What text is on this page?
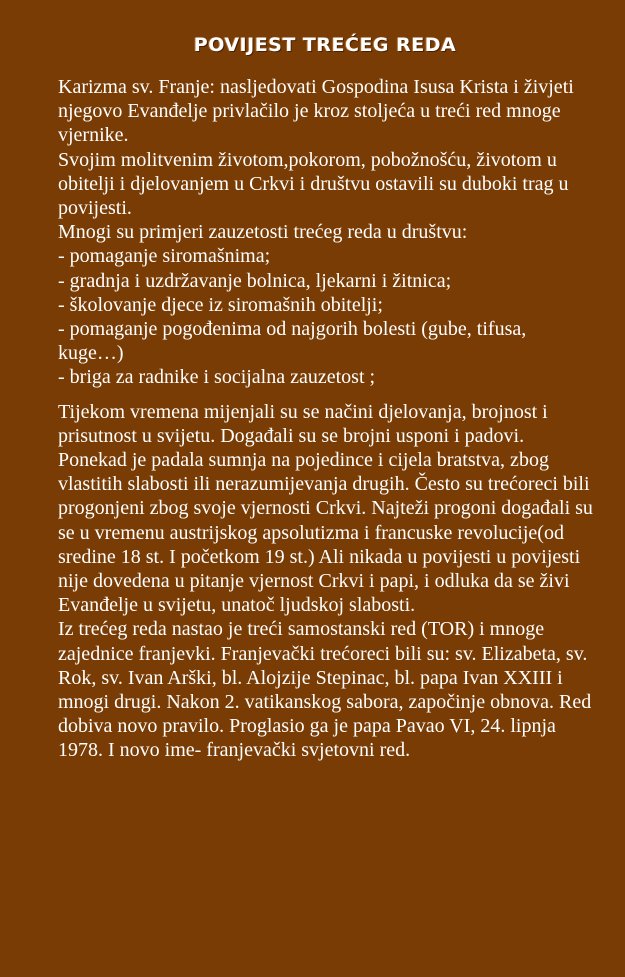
POVIJEST TREĆEG REDA

Karizma sv. Franje: nasljedovati Gospodina Isusa Krista i živjeti njegovo Evanđelje privlačilo je kroz stoljeća u treći red mnoge vjernike.

Svojim molitvenim životom,pokorom, pobožnošću, životom u obitelji i djelovanjem u Crkvi i društvu ostavili su duboki trag u povijesti.

Mnogi su primjeri zauzetosti trećeg reda u društvu:

- pomaganje siromašnima;

- gradnja i uzdržavanje bolnica, ljekarni i žitnica;

- školovanje djece iz siromašnih obitelji;

- pomaganje pogođenima od najgorih bolesti (gube, tifusa, kuge…)

- briga za radnike i socijalna zauzetost ;

Tijekom vremena mijenjali su se načini djelovanja, brojnost i prisutnost u svijetu. Događali su se brojni usponi i padovi. Ponekad je padala sumnja na pojedince i cijela bratstva, zbog vlastitih slabosti ili nerazumijevanja drugih. Često su trećoreci bili progonjeni zbog svoje vjernosti Crkvi. Najteži progoni događali su se u vremenu austrijskog apsolutizma i francuske revolucije(od sredine 18 st. I početkom 19 st.) Ali nikada u povijesti u povijesti nije dovedena u pitanje vjernost Crkvi i papi, i odluka da se živi Evanđelje u svijetu, unatoč ljudskoj slabosti.

Iz trećeg reda nastao je treći samostanski red (TOR) i mnoge zajednice franjevki. Franjevački trećoreci bili su: sv. Elizabeta, sv. Rok, sv. Ivan Arški, bl. Alojzije Stepinac, bl. papa Ivan XXIII i mnogi drugi. Nakon 2. vatikanskog sabora, započinje obnova. Red dobiva novo pravilo. Proglasio ga je papa Pavao VI, 24. lipnja 1978. I novo ime- franjevački svjetovni red.
